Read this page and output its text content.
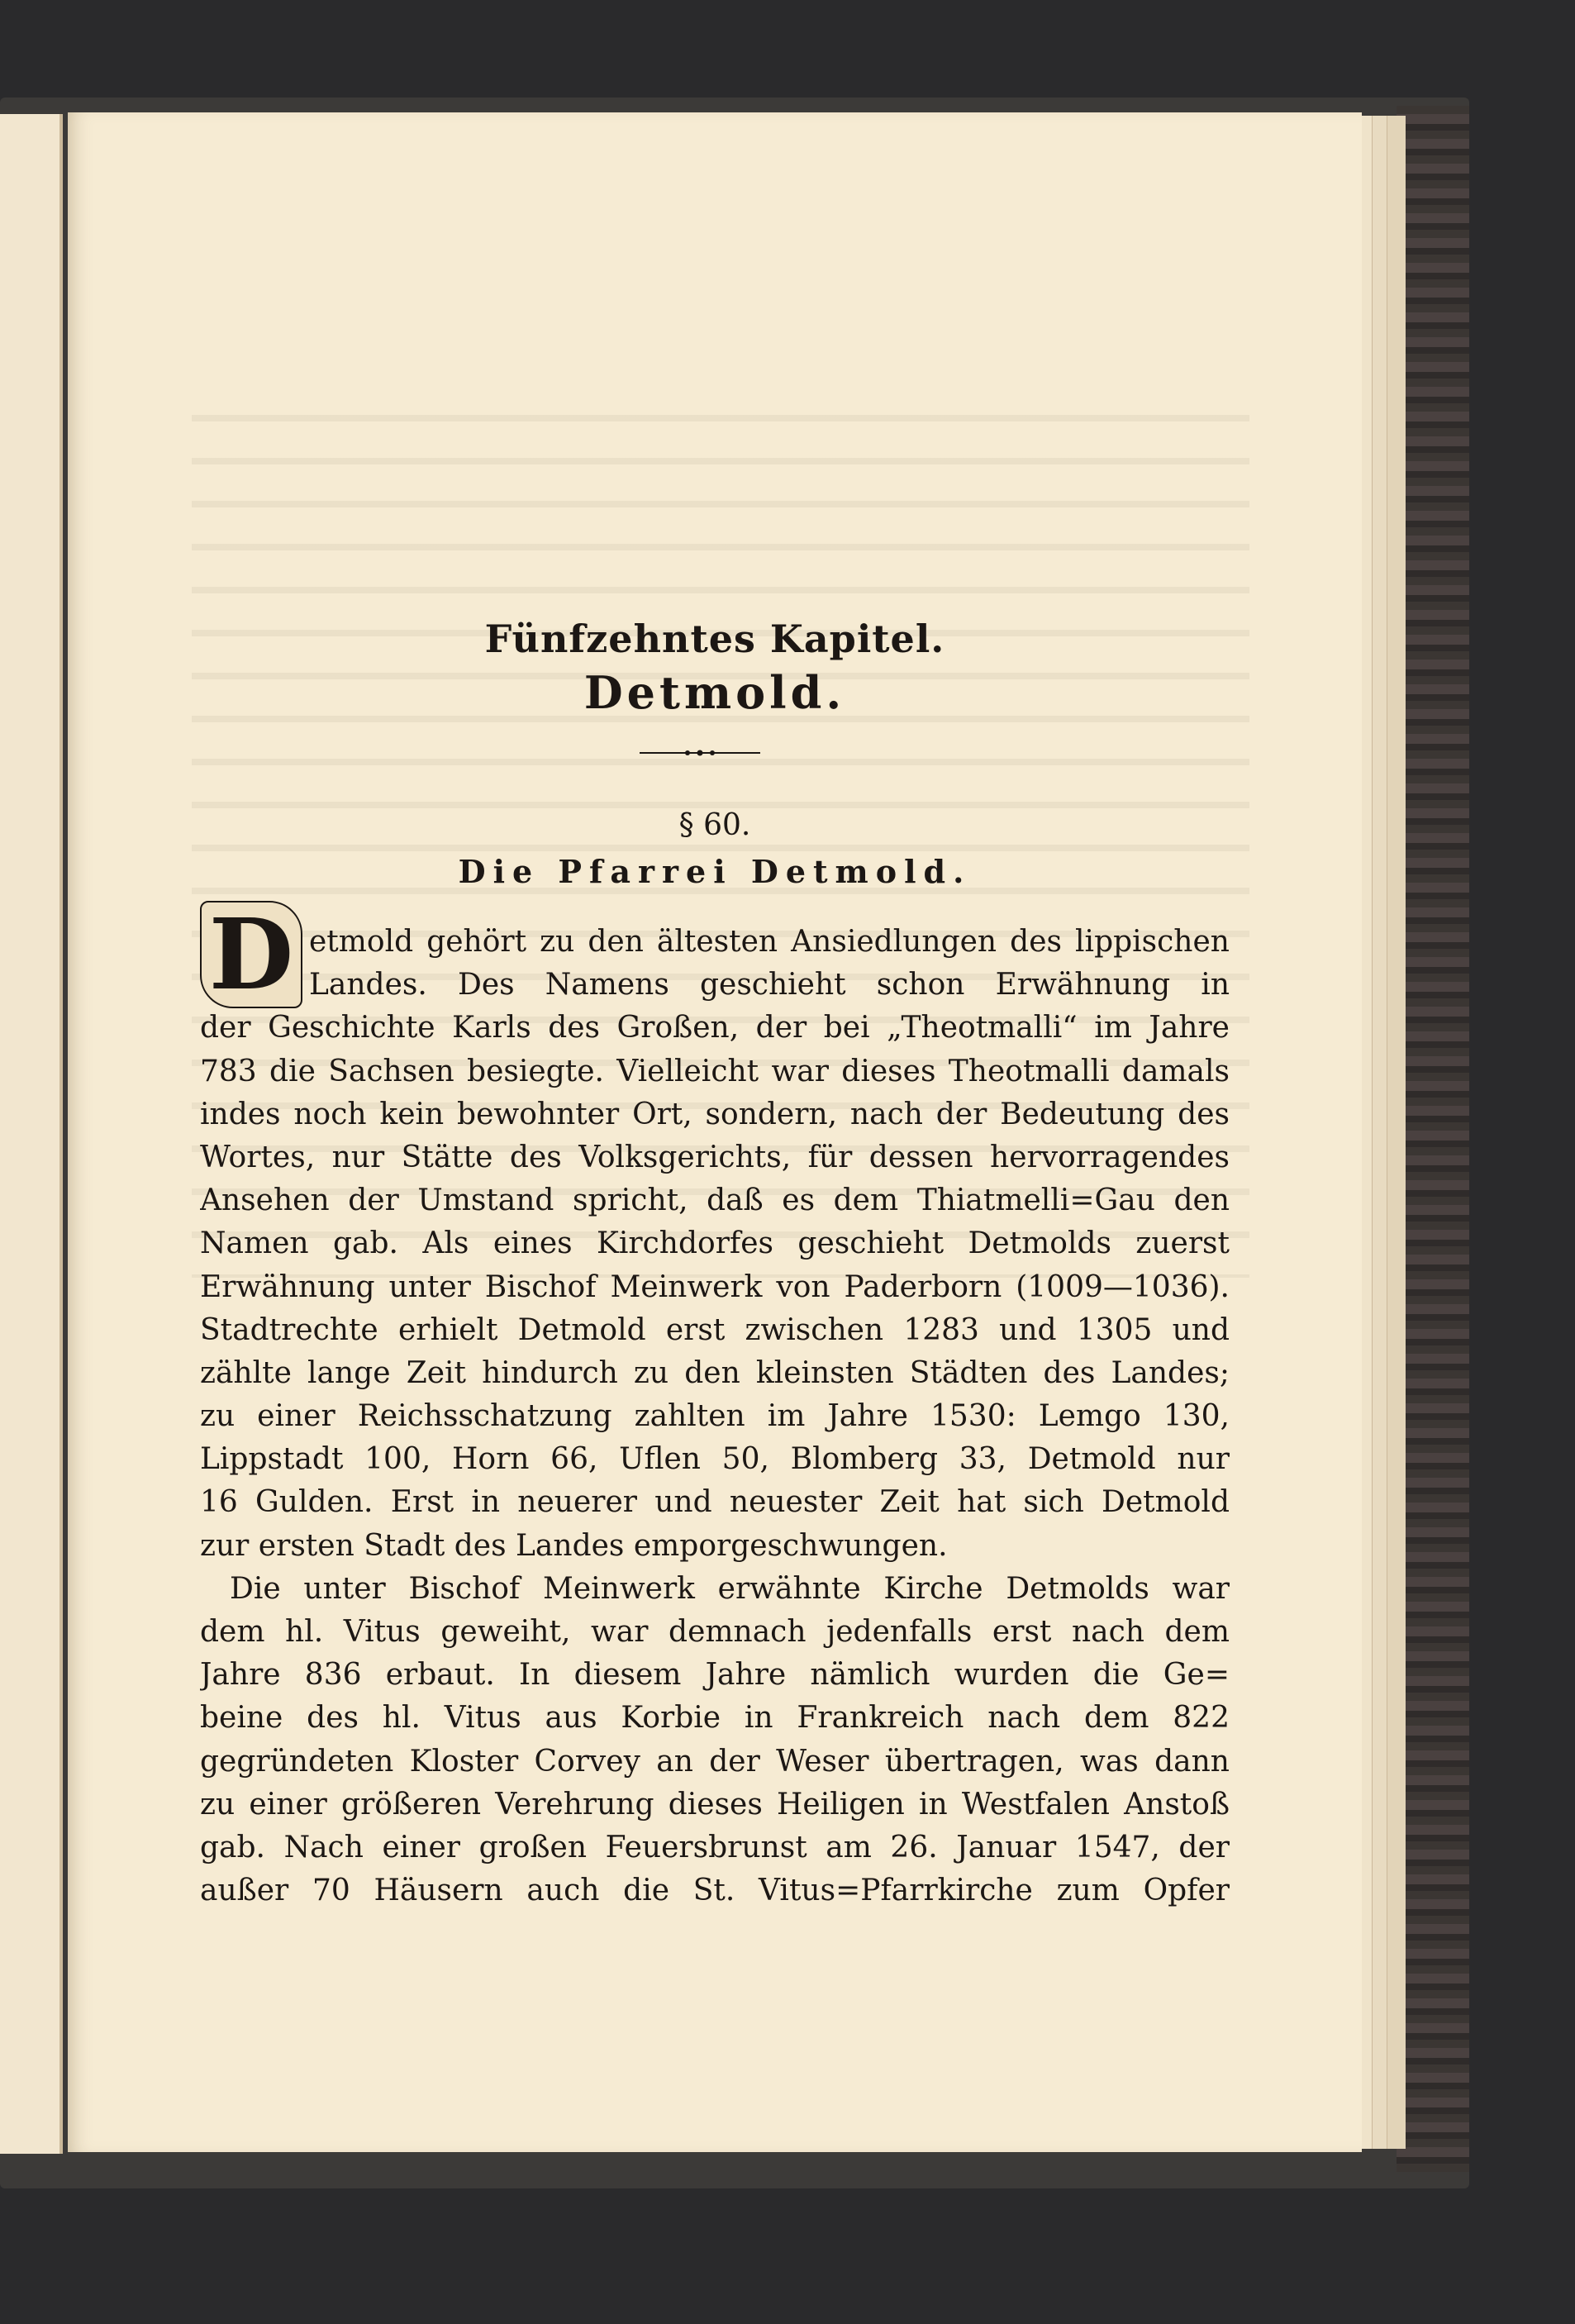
Fünfzehntes Kapitel.
Detmold.
§ 60.
Die Pfarrei Detmold.
D etmold gehört zu den ältesten Ansiedlungen des lippischen
Landes. Des Namens geschieht schon Erwähnung in
der Geschichte Karls des Großen, der bei „Theotmalli“ im Jahre
783 die Sachsen besiegte. Vielleicht war dieses Theotmalli damals
indes noch kein bewohnter Ort, sondern, nach der Bedeutung des
Wortes, nur Stätte des Volksgerichts, für dessen hervorragendes
Ansehen der Umstand spricht, daß es dem Thiatmelli=Gau den
Namen gab. Als eines Kirchdorfes geschieht Detmolds zuerst
Erwähnung unter Bischof Meinwerk von Paderborn (1009—1036).
Stadtrechte erhielt Detmold erst zwischen 1283 und 1305 und
zählte lange Zeit hindurch zu den kleinsten Städten des Landes;
zu einer Reichsschatzung zahlten im Jahre 1530: Lemgo 130,
Lippstadt 100, Horn 66, Uflen 50, Blomberg 33, Detmold nur
16 Gulden. Erst in neuerer und neuester Zeit hat sich Detmold
zur ersten Stadt des Landes emporgeschwungen.
Die unter Bischof Meinwerk erwähnte Kirche Detmolds war
dem hl. Vitus geweiht, war demnach jedenfalls erst nach dem
Jahre 836 erbaut. In diesem Jahre nämlich wurden die Ge=
beine des hl. Vitus aus Korbie in Frankreich nach dem 822
gegründeten Kloster Corvey an der Weser übertragen, was dann
zu einer größeren Verehrung dieses Heiligen in Westfalen Anstoß
gab. Nach einer großen Feuersbrunst am 26. Januar 1547, der
außer 70 Häusern auch die St. Vitus=Pfarrkirche zum Opfer
